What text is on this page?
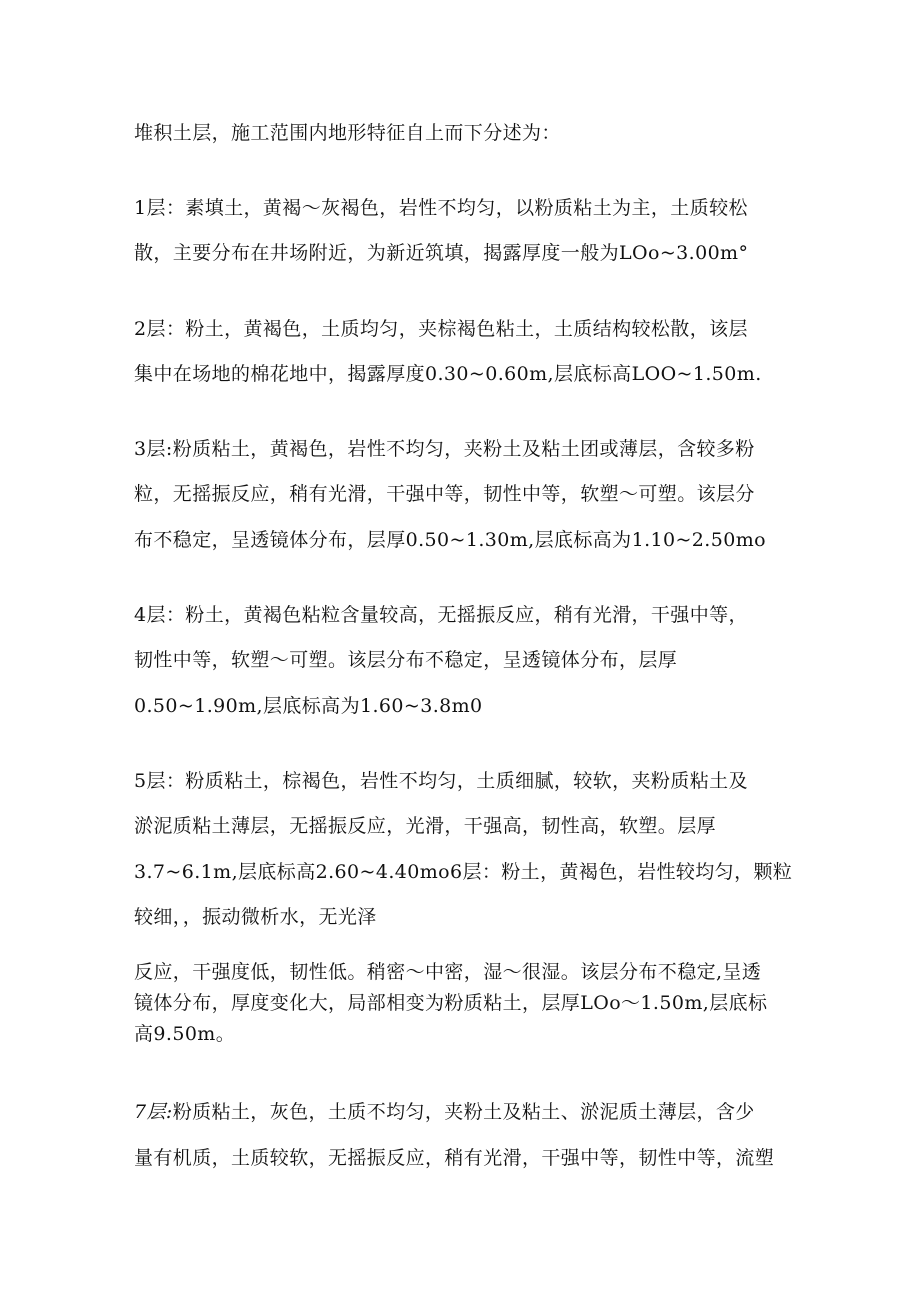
堆积土层，施工范围内地形特征自上而下分述为：
1层：素填土，黄褐～灰褐色，岩性不均匀，以粉质粘土为主，土质较松
散，主要分布在井场附近，为新近筑填，揭露厚度一般为LOo~3.00m°
2层：粉土，黄褐色，土质均匀，夹棕褐色粘土，土质结构较松散，该层
集中在场地的棉花地中，揭露厚度0.30~0.60m,层底标高LOO~1.50m.
3层:粉质粘土，黄褐色，岩性不均匀，夹粉土及粘土团或薄层，含较多粉
粒，无摇振反应，稍有光滑，干强中等，韧性中等，软塑～可塑。该层分
布不稳定，呈透镜体分布，层厚0.50~1.30m,层底标高为1.10~2.50mo
4层：粉土，黄褐色粘粒含量较高，无摇振反应，稍有光滑，干强中等，
韧性中等，软塑～可塑。该层分布不稳定，呈透镜体分布，层厚
0.50~1.90m,层底标高为1.60~3.8m0
5层：粉质粘土，棕褐色，岩性不均匀，土质细腻，较软，夹粉质粘土及
淤泥质粘土薄层，无摇振反应，光滑，干强高，韧性高，软塑。层厚
3.7~6.1m,层底标高2.60~4.40mo6层：粉土，黄褐色，岩性较均匀，颗粒
较细，，振动微析水，无光泽
反应，干强度低，韧性低。稍密～中密，湿～很湿。该层分布不稳定,呈透
镜体分布，厚度变化大，局部相变为粉质粘土，层厚LOo～1.50m,层底标
高9.50m。
7层:粉质粘土，灰色，土质不均匀，夹粉土及粘土、淤泥质土薄层，含少
量有机质，土质较软，无摇振反应，稍有光滑，干强中等，韧性中等，流塑
